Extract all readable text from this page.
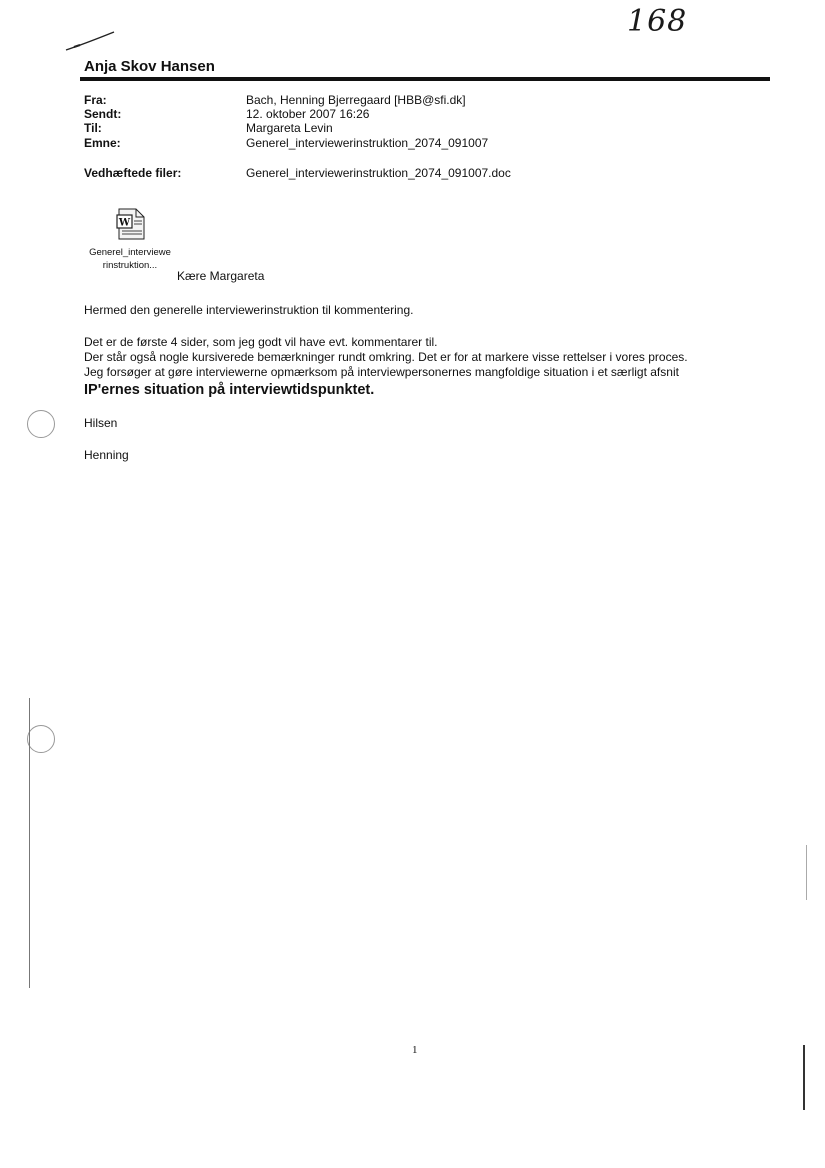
168
Anja Skov Hansen
Fra:	Bach, Henning Bjerregaard [HBB@sfi.dk]
Sendt:	12. oktober 2007 16:26
Til:	Margareta Levin
Emne:	Generel_interviewerinstruktion_2074_091007
Vedhæftede filer:	Generel_interviewerinstruktion_2074_091007.doc
W
Generel_interviewe
rinstruktion...
Kære Margareta
Hermed den generelle interviewerinstruktion til kommentering.
Det er de første 4 sider, som jeg godt vil have evt. kommentarer til.
Der står også nogle kursiverede bemærkninger rundt omkring. Det er for at markere visse rettelser i vores proces.
Jeg forsøger at gøre interviewerne opmærksom på interviewpersonernes mangfoldige situation i et særligt afsnit
IP'ernes situation på interviewtidspunktet.
Hilsen
Henning
1
